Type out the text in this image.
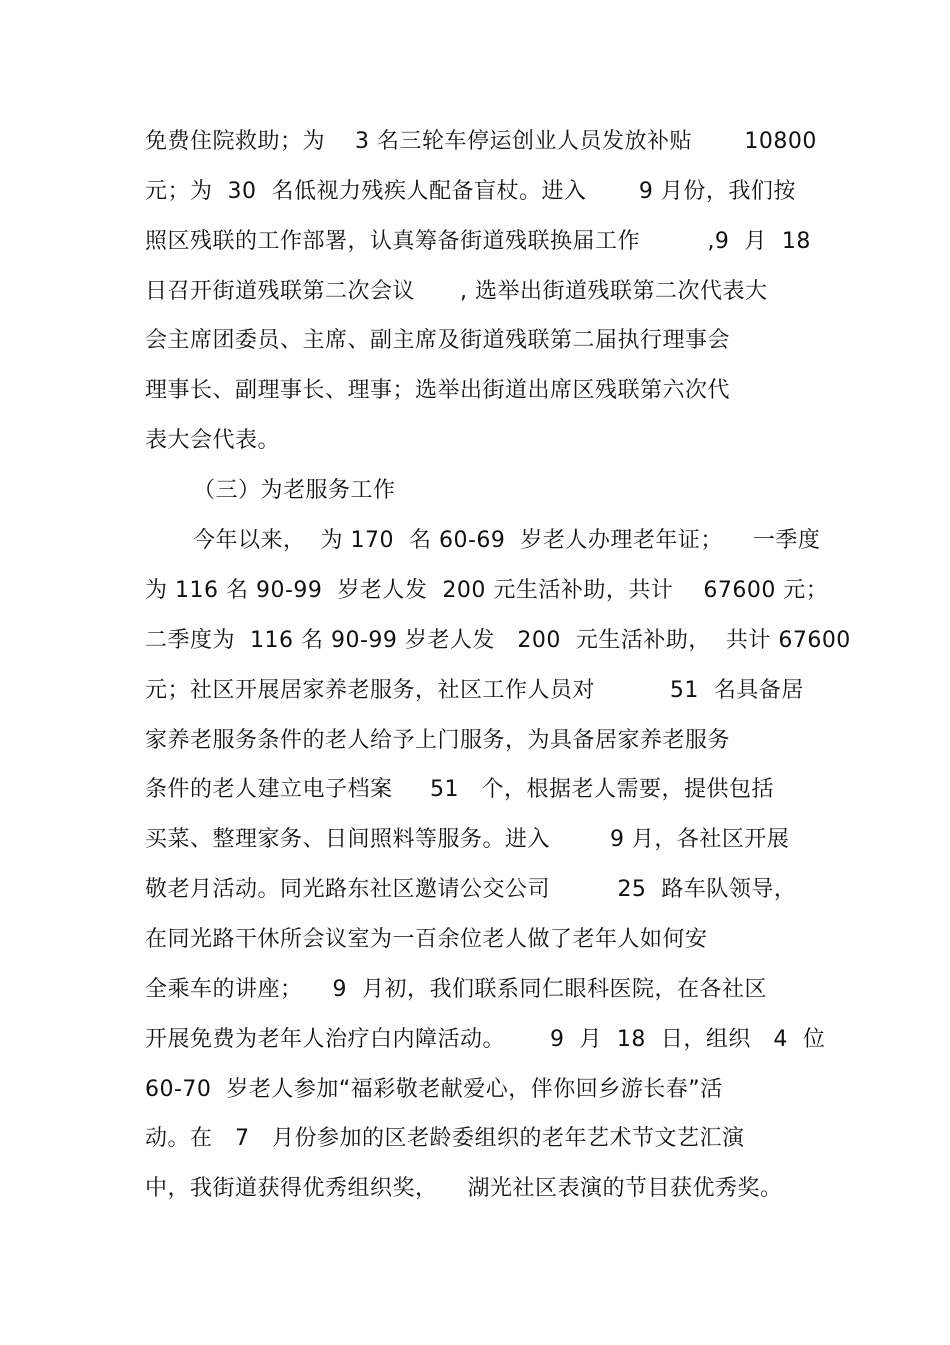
免费住院救助；为    3 名三轮车停运创业人员发放补贴       10800
元；为  30  名低视力残疾人配备盲杖。进入       9 月份，我们按
照区残联的工作部署，认真筹备街道残联换届工作         ,9  月  18
日召开街道残联第二次会议      , 选举出街道残联第二次代表大
会主席团委员、主席、副主席及街道残联第二届执行理事会
理事长、副理事长、理事；选举出街道出席区残联第六次代
表大会代表。
（三）为老服务工作
今年以来，  为 170  名 60-69  岁老人办理老年证；    一季度
为 116 名 90-99  岁老人发  200 元生活补助，共计    67600 元；
二季度为  116 名 90-99 岁老人发   200  元生活补助，  共计 67600
元；社区开展居家养老服务，社区工作人员对          51  名具备居
家养老服务条件的老人给予上门服务，为具备居家养老服务
条件的老人建立电子档案     51   个，根据老人需要，提供包括
买菜、整理家务、日间照料等服务。进入        9 月，各社区开展
敬老月活动。同光路东社区邀请公交公司         25  路车队领导，
在同光路干休所会议室为一百余位老人做了老年人如何安
全乘车的讲座；    9  月初，我们联系同仁眼科医院，在各社区
开展免费为老年人治疗白内障活动。      9  月  18  日，组织   4  位
60-70  岁老人参加“福彩敬老献爱心，伴你回乡游长春”活
动。在   7   月份参加的区老龄委组织的老年艺术节文艺汇演
中，我街道获得优秀组织奖，    湖光社区表演的节目获优秀奖。
